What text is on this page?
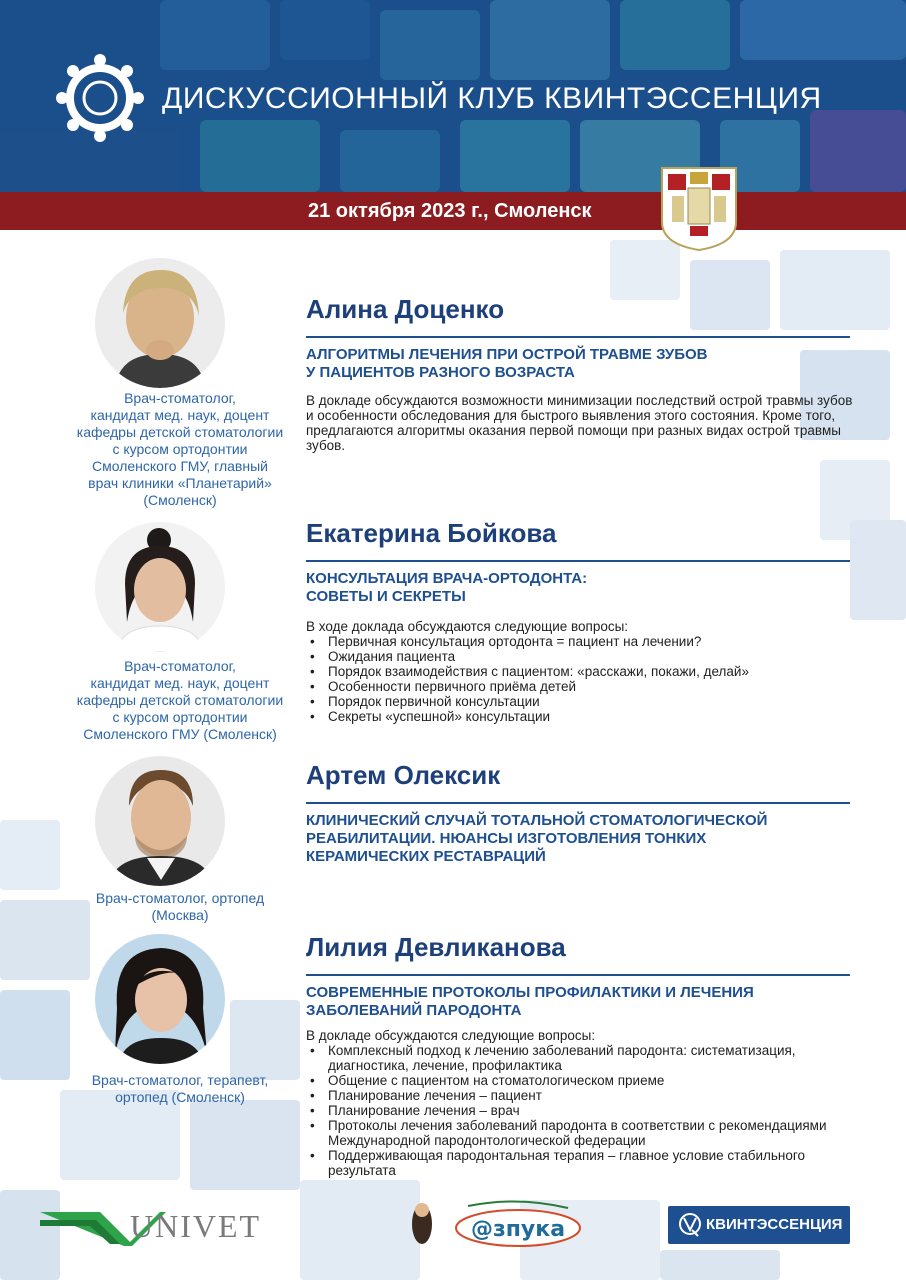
ДИСКУССИОННЫЙ КЛУБ КВИНТЭССЕНЦИЯ
21 октября 2023 г., Смоленск
Врач-стоматолог,
кандидат мед. наук, доцент
кафедры детской стоматологии
с курсом ортодонтии
Смоленского ГМУ, главный
врач клиники «Планетарий»
(Смоленск)
Алина Доценко
АЛГОРИТМЫ ЛЕЧЕНИЯ ПРИ ОСТРОЙ ТРАВМЕ ЗУБОВ
У ПАЦИЕНТОВ РАЗНОГО ВОЗРАСТА
В докладе обсуждаются возможности минимизации последствий острой травмы зубов и особенности обследования для быстрого выявления этого состояния. Кроме того, предлагаются алгоритмы оказания первой помощи при разных видах острой травмы зубов.
Врач-стоматолог,
кандидат мед. наук, доцент
кафедры детской стоматологии
с курсом ортодонтии
Смоленского ГМУ (Смоленск)
Екатерина Бойкова
КОНСУЛЬТАЦИЯ ВРАЧА-ОРТОДОНТА:
СОВЕТЫ И СЕКРЕТЫ
В ходе доклада обсуждаются следующие вопросы:
• Первичная консультация ортодонта = пациент на лечении?
• Ожидания пациента
• Порядок взаимодействия с пациентом: «расскажи, покажи, делай»
• Особенности первичного приёма детей
• Порядок первичной консультации
• Секреты «успешной» консультации
Врач-стоматолог, ортопед
(Москва)
Артем Олексик
КЛИНИЧЕСКИЙ СЛУЧАЙ ТОТАЛЬНОЙ СТОМАТОЛОГИЧЕСКОЙ
РЕАБИЛИТАЦИИ. НЮАНСЫ ИЗГОТОВЛЕНИЯ ТОНКИХ
КЕРАМИЧЕСКИХ РЕСТАВРАЦИЙ
Врач-стоматолог, терапевт,
ортопед (Смоленск)
Лилия Девликанова
СОВРЕМЕННЫЕ ПРОТОКОЛЫ ПРОФИЛАКТИКИ И ЛЕЧЕНИЯ
ЗАБОЛЕВАНИЙ ПАРОДОНТА
В докладе обсуждаются следующие вопросы:
• Комплексный подход к лечению заболеваний пародонта: систематизация, диагностика, лечение, профилактика
• Общение с пациентом на стоматологическом приеме
• Планирование лечения – пациент
• Планирование лечения – врач
• Протоколы лечения заболеваний пародонта в соответствии с рекомендациями Международной пародонтологической федерации
• Поддерживающая пародонтальная терапия – главное условие стабильного результата
UNIVET	@зпука	КВИНТЭССЕНЦИЯ
